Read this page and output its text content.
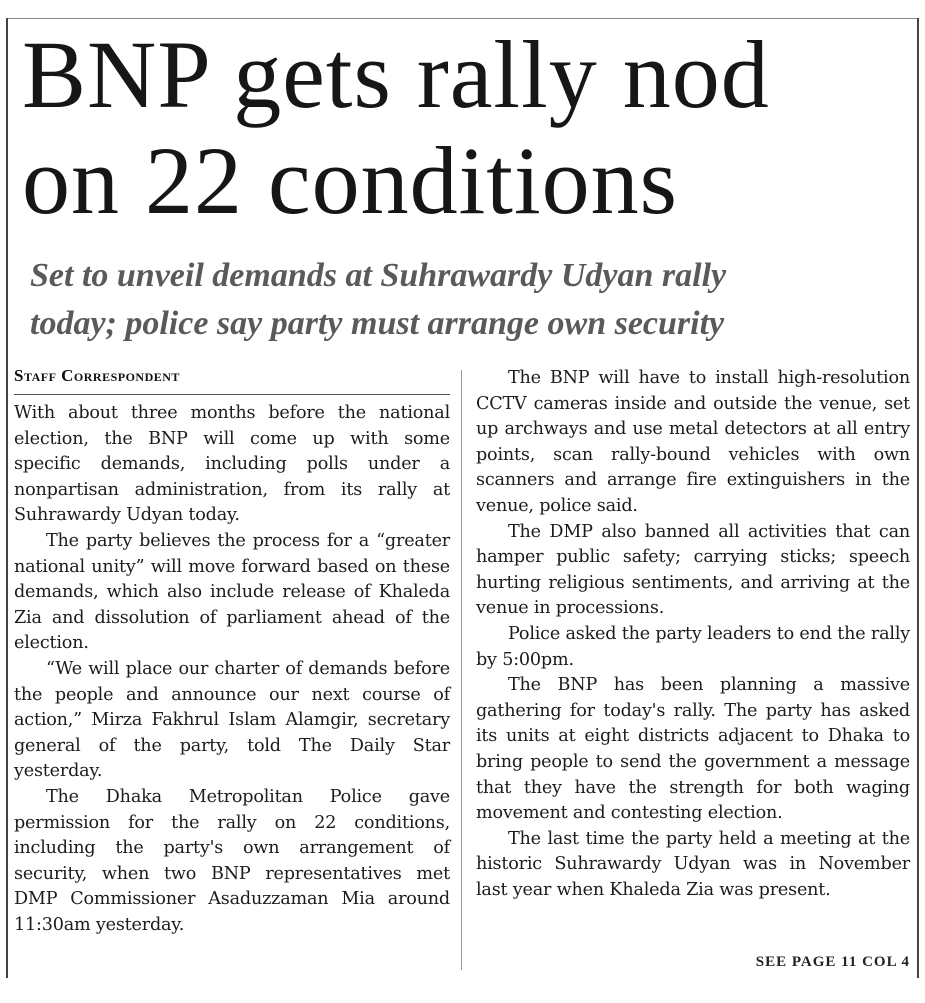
BNP gets rally nod
on 22 conditions
Set to unveil demands at Suhrawardy Udyan rally
today; police say party must arrange own security
Staff Correspondent

With about three months before the national election, the BNP will come up with some specific demands, including polls under a nonpartisan administration, from its rally at Suhrawardy Udyan today.

The party believes the process for a “greater national unity” will move forward based on these demands, which also include release of Khaleda Zia and dissolution of parliament ahead of the election.

“We will place our charter of demands before the people and announce our next course of action,” Mirza Fakhrul Islam Alamgir, secretary general of the party, told The Daily Star yesterday.

The Dhaka Metropolitan Police gave permission for the rally on 22 conditions, including the party's own arrangement of security, when two BNP representatives met DMP Commissioner Asaduzzaman Mia around 11:30am yesterday.

The BNP will have to install high-resolution CCTV cameras inside and outside the venue, set up archways and use metal detectors at all entry points, scan rally-bound vehicles with own scanners and arrange fire extinguishers in the venue, police said.

The DMP also banned all activities that can hamper public safety; carrying sticks; speech hurting religious sentiments, and arriving at the venue in processions.

Police asked the party leaders to end the rally by 5:00pm.

The BNP has been planning a massive gathering for today's rally. The party has asked its units at eight districts adjacent to Dhaka to bring people to send the government a message that they have the strength for both waging movement and contesting election.

The last time the party held a meeting at the historic Suhrawardy Udyan was in November last year when Khaleda Zia was present.

SEE PAGE 11 COL 4
